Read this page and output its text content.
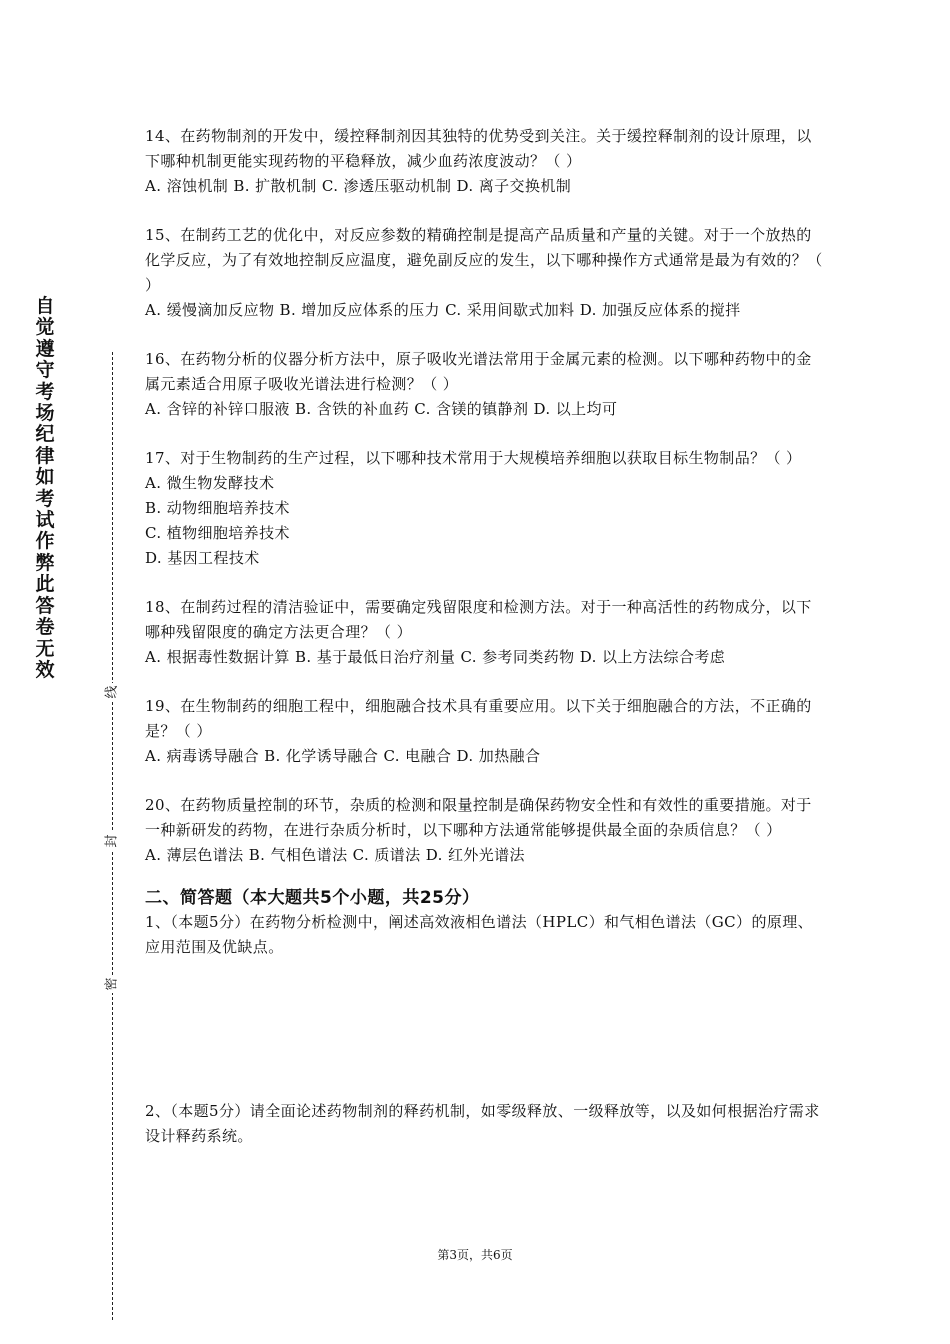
自觉遵守考场纪律如考试作弊此答卷无效
线
封
密

14、在药物制剂的开发中，缓控释制剂因其独特的优势受到关注。关于缓控释制剂的设计原理，以下哪种机制更能实现药物的平稳释放，减少血药浓度波动？（ ）

A. 溶蚀机制 B. 扩散机制 C. 渗透压驱动机制 D. 离子交换机制

15、在制药工艺的优化中，对反应参数的精确控制是提高产品质量和产量的关键。对于一个放热的化学反应，为了有效地控制反应温度，避免副反应的发生，以下哪种操作方式通常是最为有效的？（ ）

A. 缓慢滴加反应物 B. 增加反应体系的压力 C. 采用间歇式加料 D. 加强反应体系的搅拌

16、在药物分析的仪器分析方法中，原子吸收光谱法常用于金属元素的检测。以下哪种药物中的金属元素适合用原子吸收光谱法进行检测？（ ）

A. 含锌的补锌口服液 B. 含铁的补血药 C. 含镁的镇静剂 D. 以上均可

17、对于生物制药的生产过程，以下哪种技术常用于大规模培养细胞以获取目标生物制品？（ ）

A. 微生物发酵技术

B. 动物细胞培养技术

C. 植物细胞培养技术

D. 基因工程技术

18、在制药过程的清洁验证中，需要确定残留限度和检测方法。对于一种高活性的药物成分，以下哪种残留限度的确定方法更合理？（ ）

A. 根据毒性数据计算 B. 基于最低日治疗剂量 C. 参考同类药物 D. 以上方法综合考虑

19、在生物制药的细胞工程中，细胞融合技术具有重要应用。以下关于细胞融合的方法，不正确的是？（ ）

A. 病毒诱导融合 B. 化学诱导融合 C. 电融合 D. 加热融合

20、在药物质量控制的环节，杂质的检测和限量控制是确保药物安全性和有效性的重要措施。对于一种新研发的药物，在进行杂质分析时，以下哪种方法通常能够提供最全面的杂质信息？（ ）

A. 薄层色谱法 B. 气相色谱法 C. 质谱法 D. 红外光谱法

二、简答题（本大题共5个小题，共25分）

1、（本题5分）在药物分析检测中，阐述高效液相色谱法（HPLC）和气相色谱法（GC）的原理、应用范围及优缺点。

2、（本题5分）请全面论述药物制剂的释药机制，如零级释放、一级释放等，以及如何根据治疗需求设计释药系统。

第3页，共6页
